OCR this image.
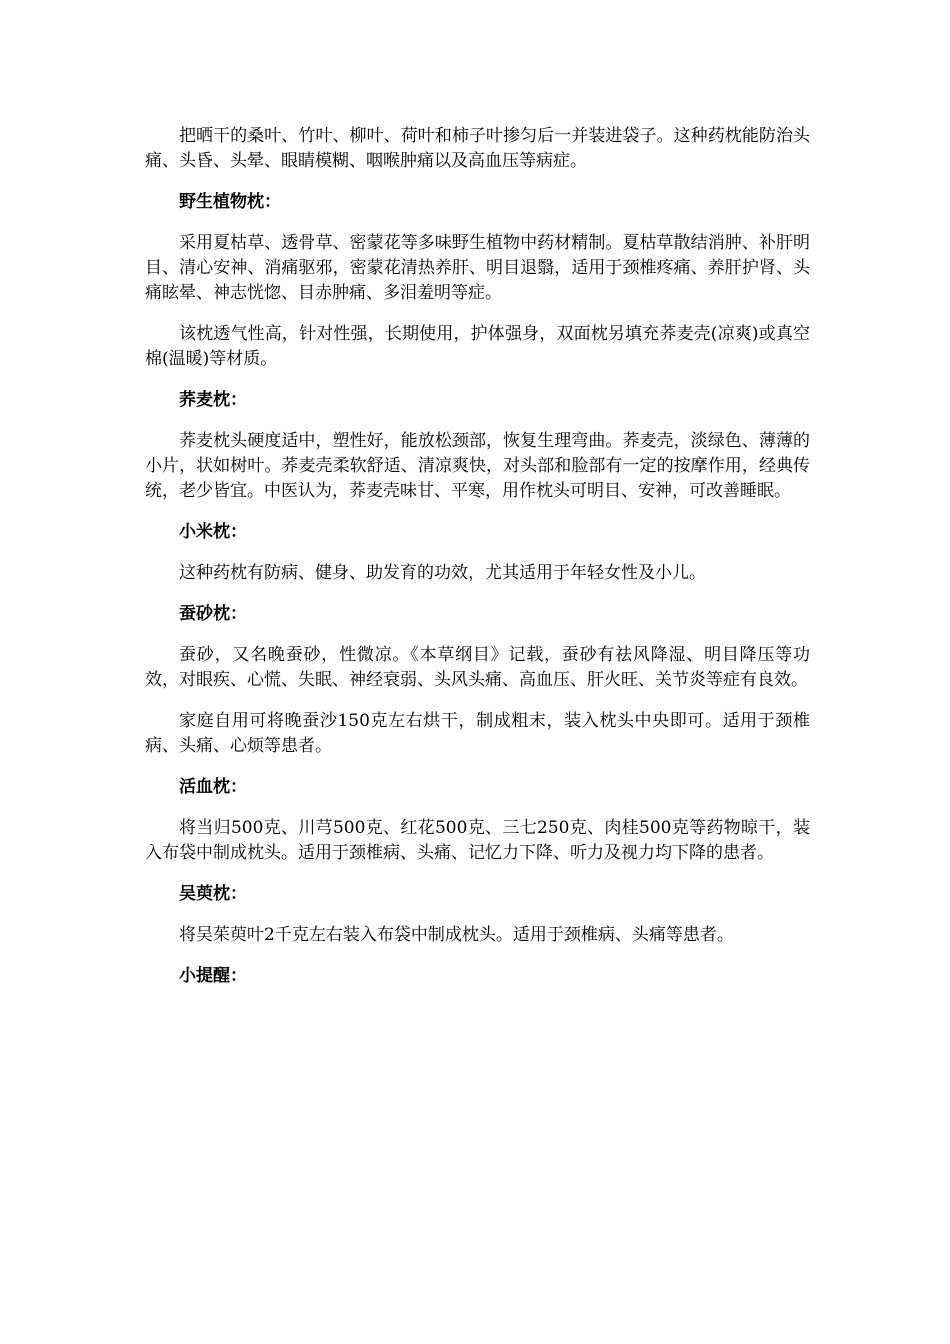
把晒干的桑叶、竹叶、柳叶、荷叶和柿子叶掺匀后一并装进袋子。这种药枕能防治头痛、头昏、头晕、眼睛模糊、咽喉肿痛以及高血压等病症。

野生植物枕：

采用夏枯草、透骨草、密蒙花等多味野生植物中药材精制。夏枯草散结消肿、补肝明目、清心安神、消痛驱邪，密蒙花清热养肝、明目退翳，适用于颈椎疼痛、养肝护肾、头痛眩晕、神志恍惚、目赤肿痛、多泪羞明等症。

该枕透气性高，针对性强，长期使用，护体强身，双面枕另填充荞麦壳(凉爽)或真空棉(温暖)等材质。

荞麦枕：

荞麦枕头硬度适中，塑性好，能放松颈部，恢复生理弯曲。荞麦壳，淡绿色、薄薄的小片，状如树叶。荞麦壳柔软舒适、清凉爽快，对头部和脸部有一定的按摩作用，经典传统，老少皆宜。中医认为，荞麦壳味甘、平寒，用作枕头可明目、安神，可改善睡眠。

小米枕：

这种药枕有防病、健身、助发育的功效，尤其适用于年轻女性及小儿。

蚕砂枕：

蚕砂，又名晚蚕砂，性微凉。《本草纲目》记载，蚕砂有祛风降湿、明目降压等功效，对眼疾、心慌、失眠、神经衰弱、头风头痛、高血压、肝火旺、关节炎等症有良效。

家庭自用可将晚蚕沙150克左右烘干，制成粗末，装入枕头中央即可。适用于颈椎病、头痛、心烦等患者。

活血枕：

将当归500克、川芎500克、红花500克、三七250克、肉桂500克等药物晾干，装入布袋中制成枕头。适用于颈椎病、头痛、记忆力下降、听力及视力均下降的患者。

吴萸枕：

将吴茱萸叶2千克左右装入布袋中制成枕头。适用于颈椎病、头痛等患者。

小提醒：
